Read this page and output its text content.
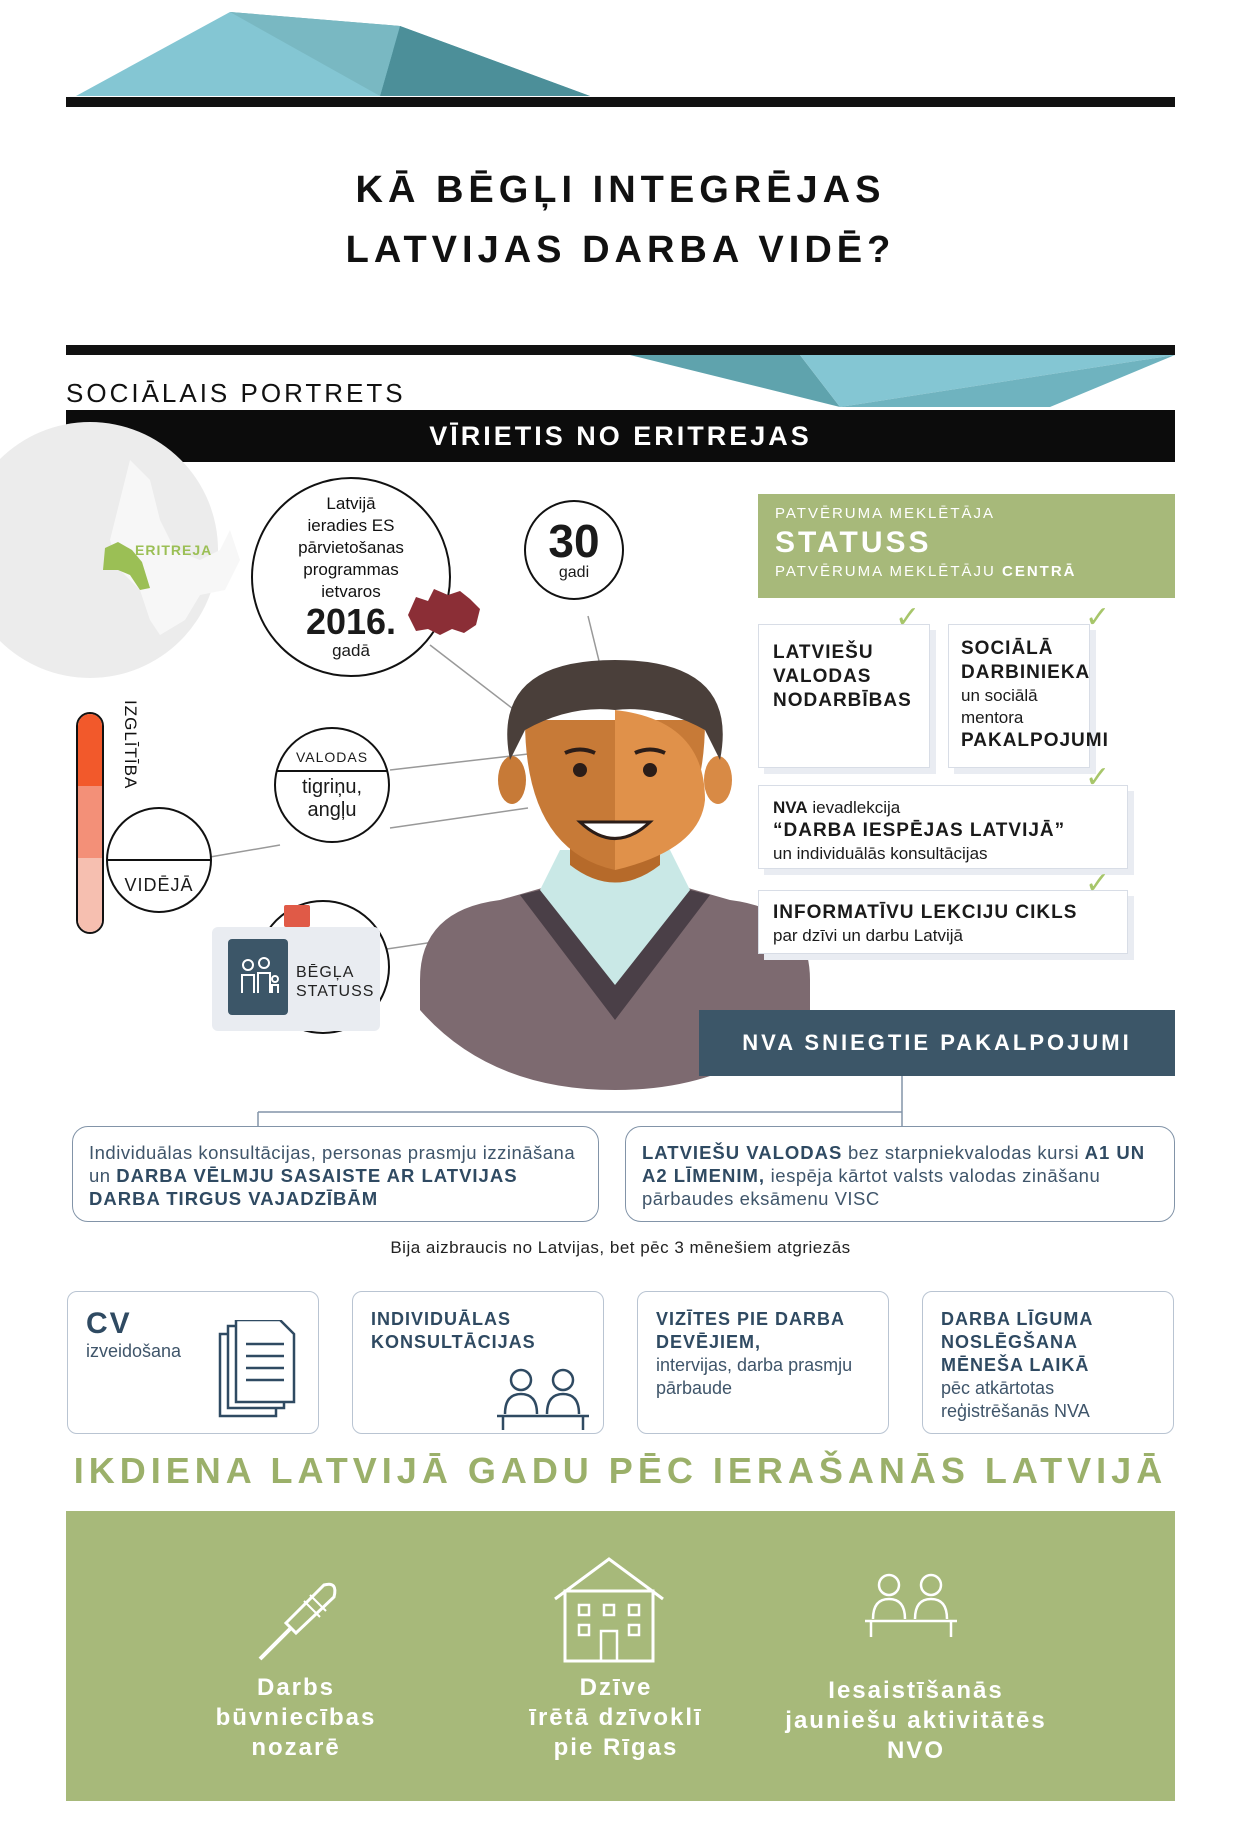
KĀ BĒGĻI INTEGRĒJAS
LATVIJAS DARBA VIDĒ?
SOCIĀLAIS PORTRETS
VĪRIETIS NO ERITREJAS
ERITREJA
Latvijā
ieradies ES
pārvietošanas
programmas
ietvaros
2016.
gadā
30
gadi
IZGLĪTĪBA
VIDĒJĀ
VALODAS
tigriņu,
angļu
BĒGĻA
STATUSS
PATVĒRUMA MEKLĒTĀJA
STATUSS
PATVĒRUMA MEKLĒTĀJU CENTRĀ
LATVIEŠU
VALODAS
NODARBĪBAS
✓
SOCIĀLĀ
DARBINIEKA
un sociālā
mentora
PAKALPOJUMI
✓
NVA ievadlekcija
“DARBA IESPĒJAS LATVIJĀ”
un individuālās konsultācijas
✓
INFORMATĪVU LEKCIJU CIKLS
par dzīvi un darbu Latvijā
✓
NVA SNIEGTIE PAKALPOJUMI
Individuālas konsultācijas, personas prasmju izzināšana un DARBA VĒLMJU SASAISTE AR LATVIJAS DARBA TIRGUS VAJADZĪBĀM
LATVIEŠU VALODAS bez starpniekvalodas kursi A1 UN A2 LĪMENIM, iespēja kārtot valsts valodas zināšanu pārbaudes eksāmenu VISC
Bija aizbraucis no Latvijas, bet pēc 3 mēnešiem atgriezās
CV
izveidošana
INDIVIDUĀLAS KONSULTĀCIJAS
VIZĪTES PIE DARBA DEVĒJIEM,
intervijas, darba prasmju pārbaude
DARBA LĪGUMA NOSLĒGŠANA MĒNEŠA LAIKĀ
pēc atkārtotas reģistrēšanās NVA
IKDIENA LATVIJĀ GADU PĒC IERAŠANĀS LATVIJĀ
Darbs
būvniecības
nozarē
Dzīve
īrētā dzīvoklī
pie Rīgas
Iesaistīšanās
jauniešu aktivitātēs
NVO
